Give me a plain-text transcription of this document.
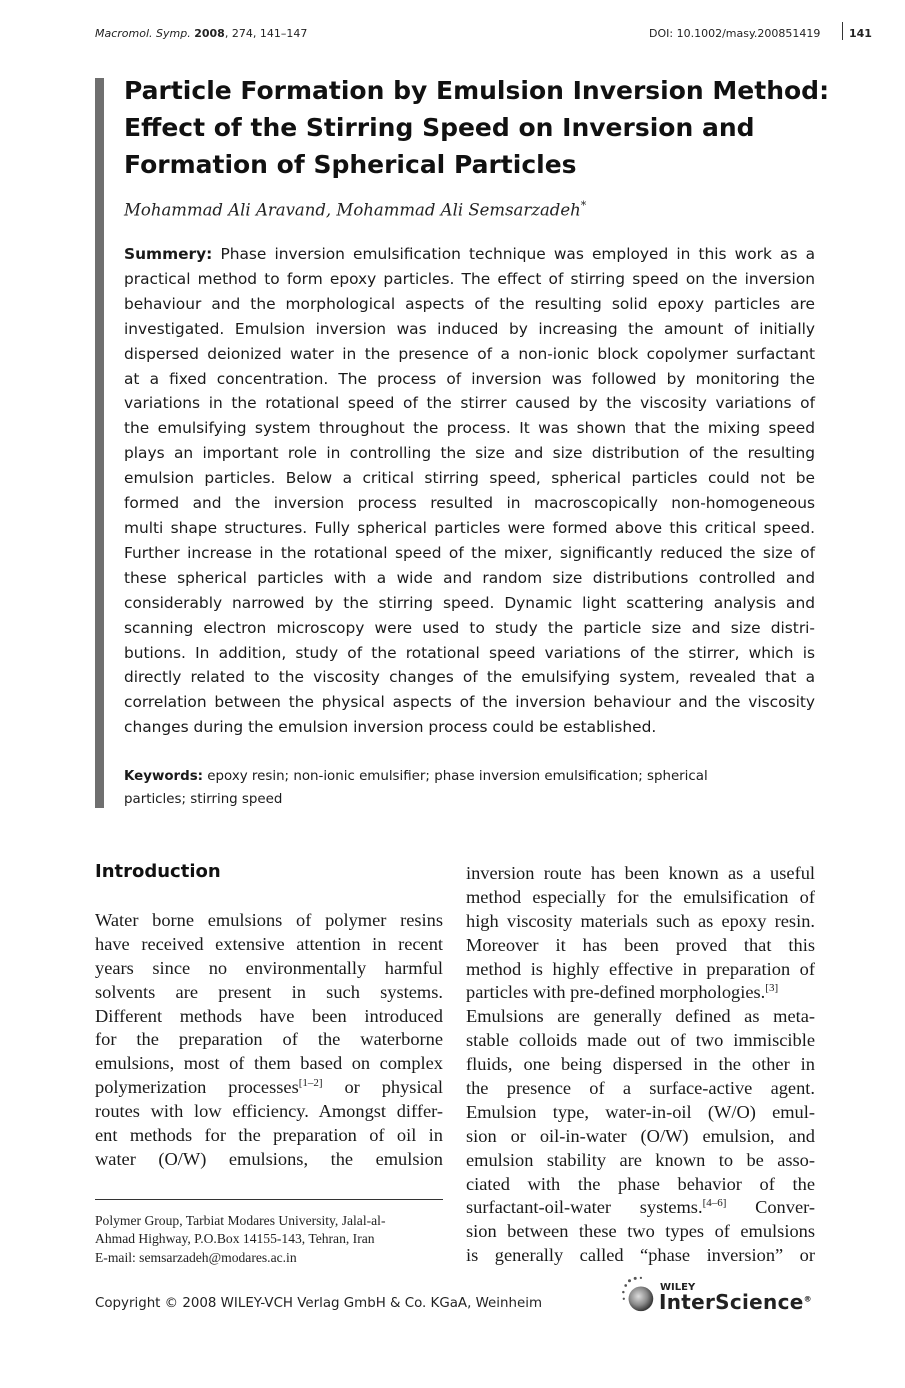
Macromol. Symp. 2008, 274, 141–147	DOI: 10.1002/masy.200851419	141
Particle Formation by Emulsion Inversion Method:
Effect of the Stirring Speed on Inversion and
Formation of Spherical Particles
Mohammad Ali Aravand, Mohammad Ali Semsarzadeh*
Summery: Phase inversion emulsification technique was employed in this work as a
practical method to form epoxy particles. The effect of stirring speed on the inversion
behaviour and the morphological aspects of the resulting solid epoxy particles are
investigated. Emulsion inversion was induced by increasing the amount of initially
dispersed deionized water in the presence of a non-ionic block copolymer surfactant
at a fixed concentration. The process of inversion was followed by monitoring the
variations in the rotational speed of the stirrer caused by the viscosity variations of
the emulsifying system throughout the process. It was shown that the mixing speed
plays an important role in controlling the size and size distribution of the resulting
emulsion particles. Below a critical stirring speed, spherical particles could not be
formed and the inversion process resulted in macroscopically non-homogeneous
multi shape structures. Fully spherical particles were formed above this critical speed.
Further increase in the rotational speed of the mixer, significantly reduced the size of
these spherical particles with a wide and random size distributions controlled and
considerably narrowed by the stirring speed. Dynamic light scattering analysis and
scanning electron microscopy were used to study the particle size and size distri-
butions. In addition, study of the rotational speed variations of the stirrer, which is
directly related to the viscosity changes of the emulsifying system, revealed that a
correlation between the physical aspects of the inversion behaviour and the viscosity
changes during the emulsion inversion process could be established.
Keywords: epoxy resin; non-ionic emulsifier; phase inversion emulsification; spherical
particles; stirring speed
Introduction
Water borne emulsions of polymer resins
have received extensive attention in recent
years since no environmentally harmful
solvents are present in such systems.
Different methods have been introduced
for the preparation of the waterborne
emulsions, most of them based on complex
polymerization processes[1–2] or physical
routes with low efficiency. Amongst differ-
ent methods for the preparation of oil in
water (O/W) emulsions, the emulsion
inversion route has been known as a useful
method especially for the emulsification of
high viscosity materials such as epoxy resin.
Moreover it has been proved that this
method is highly effective in preparation of
particles with pre-defined morphologies.[3]
Emulsions are generally defined as meta-
stable colloids made out of two immiscible
fluids, one being dispersed in the other in
the presence of a surface-active agent.
Emulsion type, water-in-oil (W/O) emul-
sion or oil-in-water (O/W) emulsion, and
emulsion stability are known to be asso-
ciated with the phase behavior of the
surfactant-oil-water systems.[4–6] Conver-
sion between these two types of emulsions
is generally called “phase inversion” or
Polymer Group, Tarbiat Modares University, Jalal-al-
Ahmad Highway, P.O.Box 14155-143, Tehran, Iran
E-mail: semsarzadeh@modares.ac.in
Copyright © 2008 WILEY-VCH Verlag GmbH & Co. KGaA, Weinheim
WILEY
InterScience®
